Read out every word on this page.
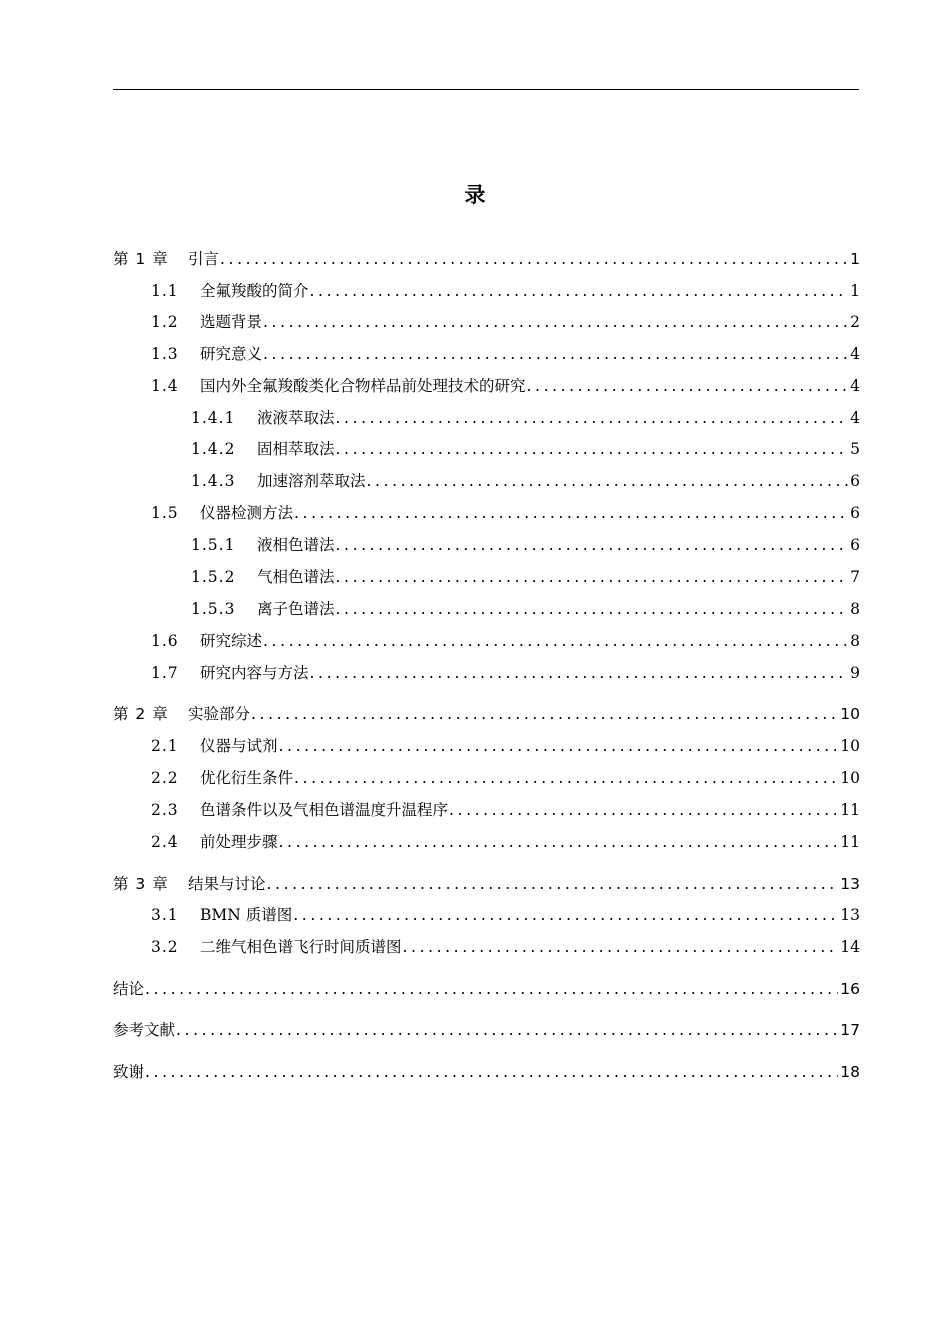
录
第 1 章	引言 .....	1
1.1	全氟羧酸的简介 .....	1
1.2	选题背景 .....	2
1.3	研究意义 .....	4
1.4	国内外全氟羧酸类化合物样品前处理技术的研究 .....	4
1.4.1	液液萃取法 .....	4
1.4.2	固相萃取法 .....	5
1.4.3	加速溶剂萃取法 .....	6
1.5	仪器检测方法 .....	6
1.5.1	液相色谱法 .....	6
1.5.2	气相色谱法 .....	7
1.5.3	离子色谱法 .....	8
1.6	研究综述 .....	8
1.7	研究内容与方法 .....	9
第 2 章	实验部分 .....	10
2.1	仪器与试剂 .....	10
2.2	优化衍生条件 .....	10
2.3	色谱条件以及气相色谱温度升温程序 .....	11
2.4	前处理步骤 .....	11
第 3 章	结果与讨论 .....	13
3.1	BMN 质谱图 .....	13
3.2	二维气相色谱飞行时间质谱图 .....	14
结论 .....	16
参考文献 .....	17
致谢 .....	18
